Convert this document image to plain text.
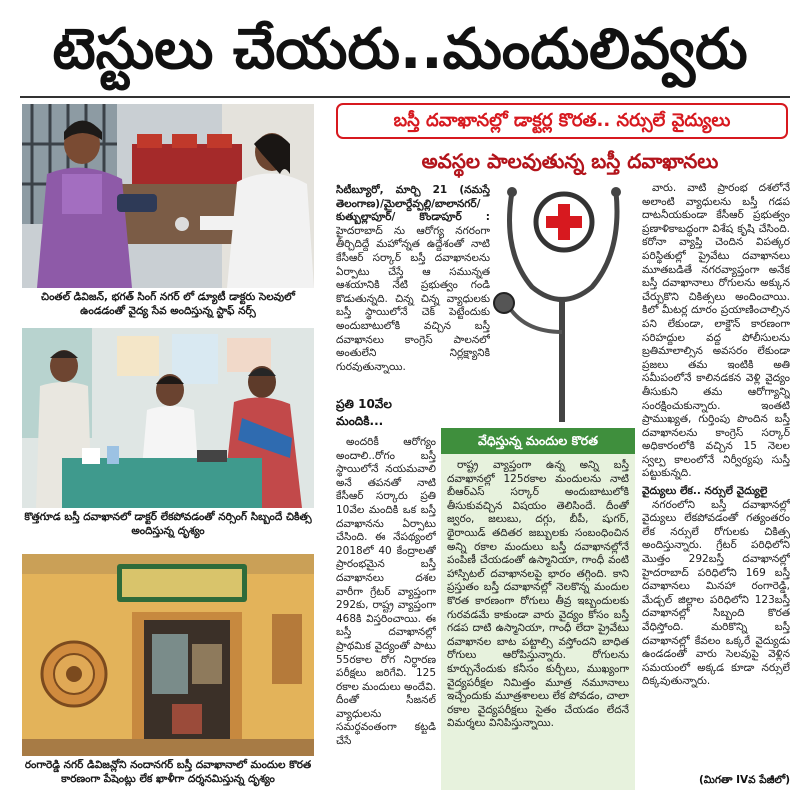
టెస్టులు చేయరు..మందులివ్వరు
చింతల్ డివిజన్, భగత్ సింగ్ నగర్ లో డ్యూటీ డాక్టరు సెలవులో ఉండడంతో వైద్య సేవ అందిస్తున్న స్టాఫ్ నర్స్
కొత్తగూడ బస్తీ దవాఖానలో డాక్టర్ లేకపోవడంతో నర్సింగ్ సిబ్బందే చికిత్స అందిస్తున్న దృశ్యం
రంగారెడ్డి నగర్ డివిజన్లోని నందానగర్ బస్తీ దవాఖానాలో మందుల కొరత కారణంగా పేషెంట్లు లేక ఖాళీగా దర్శనమిస్తున్న దృశ్యం
బస్తీ దవాఖానల్లో డాక్టర్ల కొరత.. నర్సులే వైద్యులు
అవస్థల పాలవుతున్న బస్తీ దవాఖానలు
సిటీబ్యూరో, మార్చి 21 (నమస్తే తెలంగాణ)/మైలార్దేవ్పల్లి/బాలానగర్/కుత్బుల్లాపూర్/ కొండాపూర్ : హైదరాబాద్ ను ఆరోగ్య నగరంగా తీర్చిదిద్దే మహోన్నత ఉద్దేశంతో నాటి కేసీఆర్ సర్కార్ బస్తీ దవాఖానలను ఏర్పాటు చేస్తే ఆ సమున్నత ఆశయానికి నేటి ప్రభుత్వం గండి కొడుతున్నది. చిన్న చిన్న వ్యాధులకు బస్తీ స్థాయిలోనే చెక్ పెట్టేందుకు అందుబాటులోకి వచ్చిన బస్తీ దవాఖానలు కాంగ్రెస్ పాలనలో అంతులేని నిర్లక్ష్యానికి గురవుతున్నాయి.
ప్రతి 10వేల మందికి...

అందరికీ ఆరోగ్యం అందాలి..రోగం బస్తీ స్థాయిలోనే నయమవాలి అనే తపనతో నాటి కేసీఆర్ సర్కారు ప్రతి 10వేల మందికి ఒక బస్తీ దవాఖానను ఏర్పాటు చేసింది. ఈ నేపథ్యంలో 2018లో 40 కేంద్రాలతో ప్రారంభమైన బస్తీ దవాఖానలు దశల వారీగా గ్రేటర్ వ్యాప్తంగా 292కు, రాష్ట్ర వ్యాప్తంగా 468కి విస్తరించాయి. ఈ బస్తీ దవాఖానల్లో ప్రాథమిక వైద్యంతో పాటు 55రకాల రోగ నిర్ధారణ పరీక్షలు జరిగేవి. 125 రకాల మందులు అందేవి. దీంతో సీజనల్ వ్యాధులను సమర్థవంతంగా కట్టడి చేసే

వేధిస్తున్న మందుల కొరత

రాష్ట్ర వ్యాప్తంగా ఉన్న అన్ని బస్తీ దవాఖానల్లో 125రకాల మందులను నాటి బీఆర్ఎస్ సర్కార్ అందుబాటులోకి తీసుకువచ్చిన విషయం తెలిసిందే. దీంతో జ్వరం, జలుబు, దగ్గు, బీపీ, షుగర్, థైరాయిడ్ తదితర జబ్బులకు సంబంధించిన అన్ని రకాల మందులు బస్తీ దవాఖానల్లోనే పంపిణీ చేయడంతో ఉస్మానియా, గాంధీ వంటి హాస్పిటల్ దవాఖానలపై భారం తగ్గింది. కాని ప్రస్తుతం బస్తీ దవాఖానల్లో నెలకొన్న మందుల కొరత కారణంగా రోగులు తీవ్ర ఇబ్బందులకు గురవడమే కాకుండా వారు వైద్యం కోసం బస్తీ గడప దాటి ఉస్మానియా, గాంధీ లేదా ప్రైవేటు దవాఖానల బాట పట్టాల్సి వస్తోందని బాధిత రోగులు ఆరోపిస్తున్నారు. రోగులను కూర్చునేందుకు కనీసం కుర్చీలు, ముఖ్యంగా వైద్యపరీక్షల నిమిత్తం మూత్ర నమూనాలు ఇచ్చేందుకు మూత్రశాలలు లేక పోవడం, చాలా రకాల వైద్యపరీక్షలు సైతం చేయడం లేదనే విమర్శలు వినిపిస్తున్నాయి.

వారు. వాటి ప్రారంభ దశలోనే అలాంటి వ్యాధులను బస్తీ గడప దాటనీయకుండా కేసీఆర్ ప్రభుత్వం ప్రణాళికాబద్ధంగా విశేష కృషి చేసింది. కరోనా వ్యాప్తి చెందిన విపత్కర పరిస్థితుల్లో ప్రైవేటు దవాఖానలు మూతబడితే నగరవ్యాప్తంగా అనేక బస్తీ దవాఖానాలు రోగులను అక్కున చేర్చుకొని చికిత్సలు అందించాయి. కిలో మీటర్ల దూరం ప్రయాణించాల్సిన పని లేకుండా, లాక్డౌన్ కారణంగా సరిహద్దుల వద్ద పోలీసులను బ్రతిమాలాల్సిన అవసరం లేకుండా ప్రజలు తమ ఇంటికి అతి సమీపంలోనే కాలినడకన వెళ్లి వైద్యం తీసుకుని తమ ఆరోగ్యాన్ని సంరక్షించుకున్నారు. ఇంతటి ప్రాముఖ్యత, గుర్తింపు పొందిన బస్తీ దవాఖానలను కాంగ్రెస్ సర్కార్ అధికారంలోకి వచ్చిన 15 నెలల స్వల్ప కాలంలోనే నిర్వీర్యపు సుస్తీ పట్టుకున్నది.

వైద్యులు లేక.. నర్సులే వైద్యులై

నగరంలోని బస్తీ దవాఖానల్లో వైద్యులు లేకపోవడంతో గత్యంతరం లేక నర్సులే రోగులకు చికిత్స అందిస్తున్నారు. గ్రేటర్ పరిధిలోని మొత్తం 292బస్తీ దవాఖానల్లో హైదరాబాద్ పరిధిలోని 169 బస్తీ దవాఖానలు మినహా రంగారెడ్డి, మేడ్చల్ జిల్లాల పరిధిలోని 123బస్తీ దవాఖానల్లో సిబ్బంది కొరత వేధిస్తోంది. మరికొన్ని బస్తీ దవాఖానల్లో కేవలం ఒక్కరే వైద్యుడు ఉండడంతో వారు సెలవుపై వెళ్లిన సమయంలో అక్కడ కూడా నర్సులే దిక్కవుతున్నారు.

(మిగతా IVవ పేజీలో)
